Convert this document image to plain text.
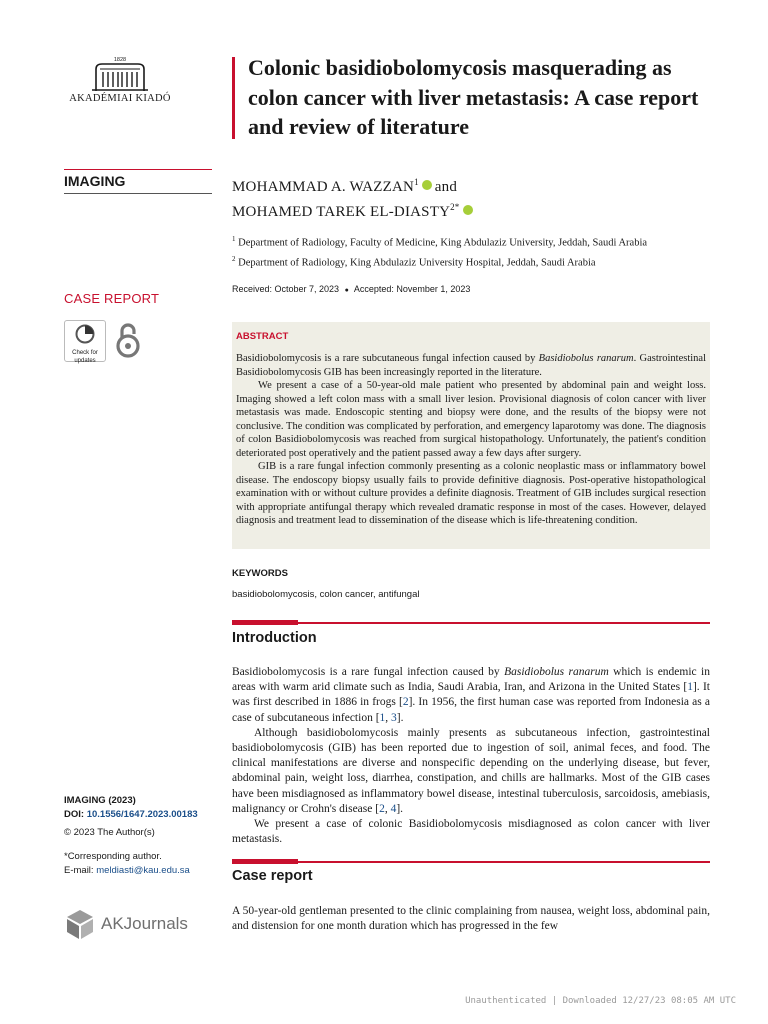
1828
AKADÉMIAI KIADÓ
IMAGING
CASE REPORT
Check for
updates
IMAGING (2023)
DOI: 10.1556/1647.2023.00183
© 2023 The Author(s)
*Corresponding author.
E-mail: meldiasti@kau.edu.sa
AKJournals
Colonic basidiobolomycosis masquerading as colon cancer with liver metastasis: A case report and review of literature
MOHAMMAD A. WAZZAN$^1$ and
MOHAMED TAREK $EL-DIASTY^{2*}$
$^1$ Department of Radiology, Faculty of Medicine, King Abdulaziz University, Jeddah, Saudi Arabia
$^2$ Department of Radiology, King Abdulaziz University Hospital, Jeddah, Saudi Arabia
Received: October 7, 2023 ● Accepted: November 1, 2023
ABSTRACT

Basidiobolomycosis is a rare subcutaneous fungal infection caused by Basidiobolus ranarum. Gastrointestinal Basidiobolomycosis GIB has been increasingly reported in the literature.

We present a case of a 50-year-old male patient who presented by abdominal pain and weight loss. Imaging showed a left colon mass with a small liver lesion. Provisional diagnosis of colon cancer with liver metastasis was made. Endoscopic stenting and biopsy were done, and the results of the biopsy were not conclusive. The condition was complicated by perforation, and emergency laparotomy was done. The diagnosis of colon Basidiobolomycosis was reached from surgical histopathology. Unfortunately, the patient's condition deteriorated post operatively and the patient passed away a few days after surgery.

GIB is a rare fungal infection commonly presenting as a colonic neoplastic mass or inflammatory bowel disease. The endoscopy biopsy usually fails to provide definitive diagnosis. Post-operative histopathological examination with or without culture provides a definite diagnosis. Treatment of GIB includes surgical resection with appropriate antifungal therapy which revealed dramatic response in most of the cases. However, delayed diagnosis and treatment lead to dissemination of the disease which is life-threatening condition.

KEYWORDS
basidiobolomycosis, colon cancer, antifungal
Introduction

Basidiobolomycosis is a rare fungal infection caused by Basidiobolus ranarum which is endemic in areas with warm arid climate such as India, Saudi Arabia, Iran, and Arizona in the United States [1]. It was first described in 1886 in frogs [2]. In 1956, the first human case was reported from Indonesia as a case of subcutaneous infection [1, 3].

Although basidiobolomycosis mainly presents as subcutaneous infection, gastrointestinal basidiobolomycosis (GIB) has been reported due to ingestion of soil, animal feces, and food. The clinical manifestations are diverse and nonspecific depending on the underlying disease, but fever, abdominal pain, weight loss, diarrhea, constipation, and chills are hallmarks. Most of the GIB cases have been misdiagnosed as inflammatory bowel disease, intestinal tuberculosis, sarcoidosis, amebiasis, malignancy or Crohn's disease [2, 4].

We present a case of colonic Basidiobolomycosis misdiagnosed as colon cancer with liver metastasis.

Case report

A 50-year-old gentleman presented to the clinic complaining from nausea, weight loss, abdominal pain, and distension for one month duration which has progressed in the few

Unauthenticated | Downloaded 12/27/23 08:05 AM UTC
